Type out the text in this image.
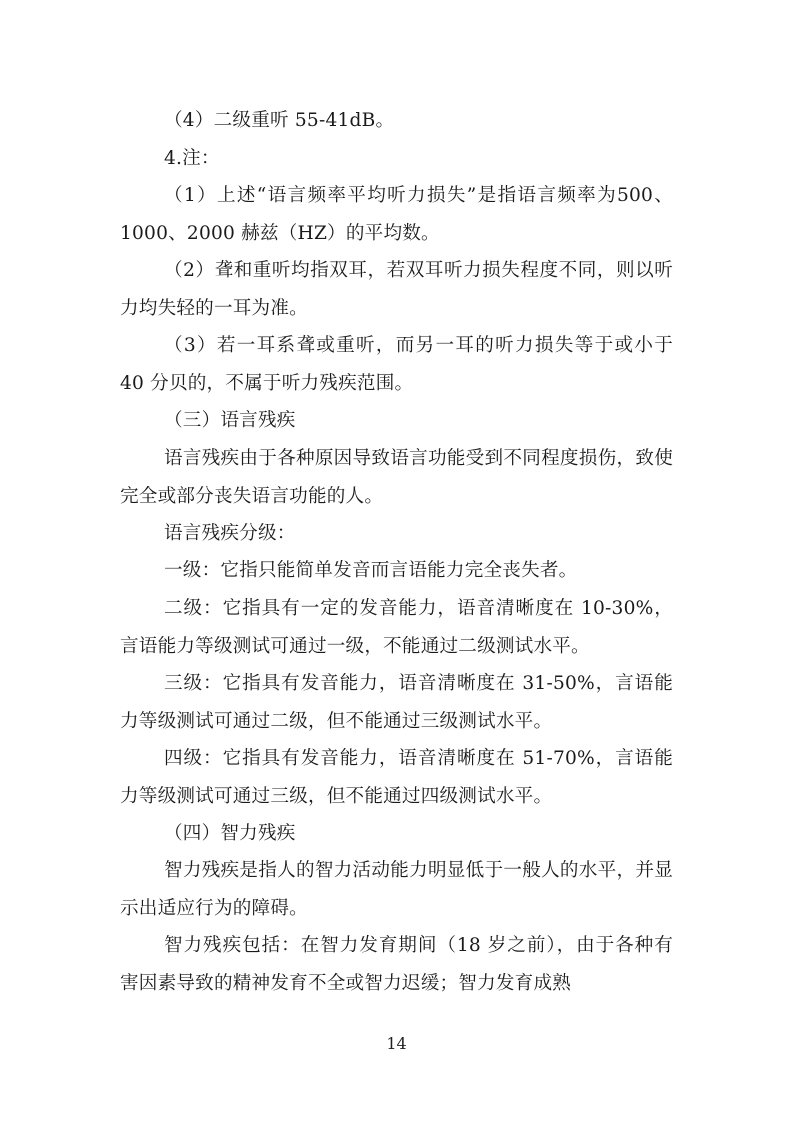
（4）二级重听 55-41dB。

4.注：

（1）上述“语言频率平均听力损失”是指语言频率为500、1000、2000 赫兹（HZ）的平均数。

（2）聋和重听均指双耳，若双耳听力损失程度不同，则以听力均失轻的一耳为准。

（3）若一耳系聋或重听，而另一耳的听力损失等于或小于 40 分贝的，不属于听力残疾范围。

（三）语言残疾

语言残疾由于各种原因导致语言功能受到不同程度损伤，致使完全或部分丧失语言功能的人。

语言残疾分级：

一级：它指只能简单发音而言语能力完全丧失者。

二级：它指具有一定的发音能力，语音清晰度在 10-30%，言语能力等级测试可通过一级，不能通过二级测试水平。

三级：它指具有发音能力，语音清晰度在 31-50%，言语能力等级测试可通过二级，但不能通过三级测试水平。

四级：它指具有发音能力，语音清晰度在 51-70%，言语能力等级测试可通过三级，但不能通过四级测试水平。

（四）智力残疾

智力残疾是指人的智力活动能力明显低于一般人的水平，并显示出适应行为的障碍。

智力残疾包括：在智力发育期间（18 岁之前），由于各种有害因素导致的精神发育不全或智力迟缓；智力发育成熟

14
